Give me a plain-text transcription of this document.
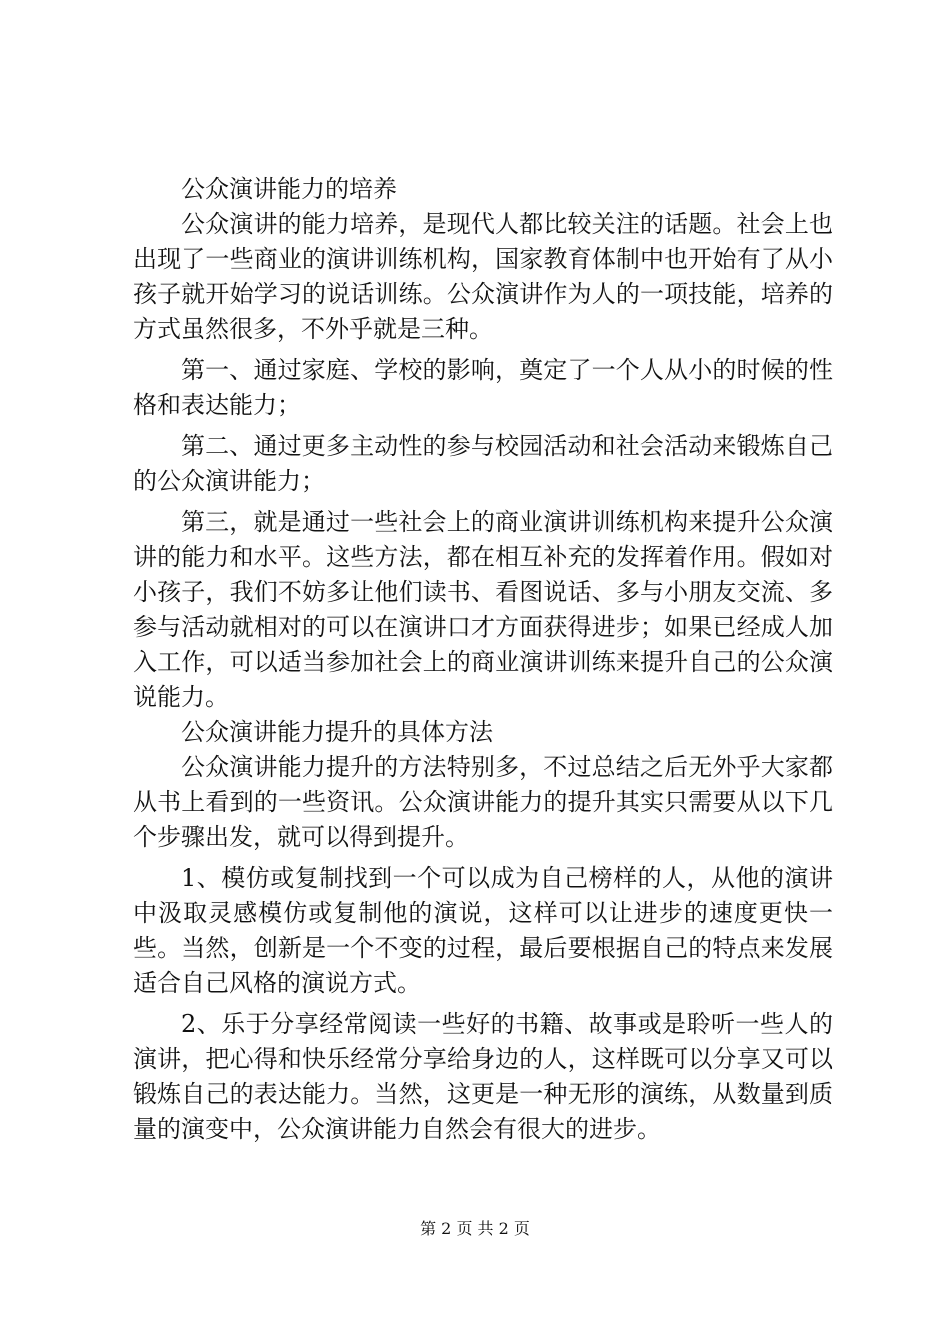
公众演讲能力的培养

公众演讲的能力培养，是现代人都比较关注的话题。社会上也出现了一些商业的演讲训练机构，国家教育体制中也开始有了从小孩子就开始学习的说话训练。公众演讲作为人的一项技能，培养的方式虽然很多，不外乎就是三种。

第一、通过家庭、学校的影响，奠定了一个人从小的时候的性格和表达能力；

第二、通过更多主动性的参与校园活动和社会活动来锻炼自己的公众演讲能力；

第三，就是通过一些社会上的商业演讲训练机构来提升公众演讲的能力和水平。这些方法，都在相互补充的发挥着作用。假如对小孩子，我们不妨多让他们读书、看图说话、多与小朋友交流、多参与活动就相对的可以在演讲口才方面获得进步；如果已经成人加入工作，可以适当参加社会上的商业演讲训练来提升自己的公众演说能力。

公众演讲能力提升的具体方法

公众演讲能力提升的方法特别多，不过总结之后无外乎大家都从书上看到的一些资讯。公众演讲能力的提升其实只需要从以下几个步骤出发，就可以得到提升。

1、模仿或复制找到一个可以成为自己榜样的人，从他的演讲中汲取灵感模仿或复制他的演说，这样可以让进步的速度更快一些。当然，创新是一个不变的过程，最后要根据自己的特点来发展适合自己风格的演说方式。

2、乐于分享经常阅读一些好的书籍、故事或是聆听一些人的演讲，把心得和快乐经常分享给身边的人，这样既可以分享又可以锻炼自己的表达能力。当然，这更是一种无形的演练，从数量到质量的演变中，公众演讲能力自然会有很大的进步。

第 2 页 共 2 页
